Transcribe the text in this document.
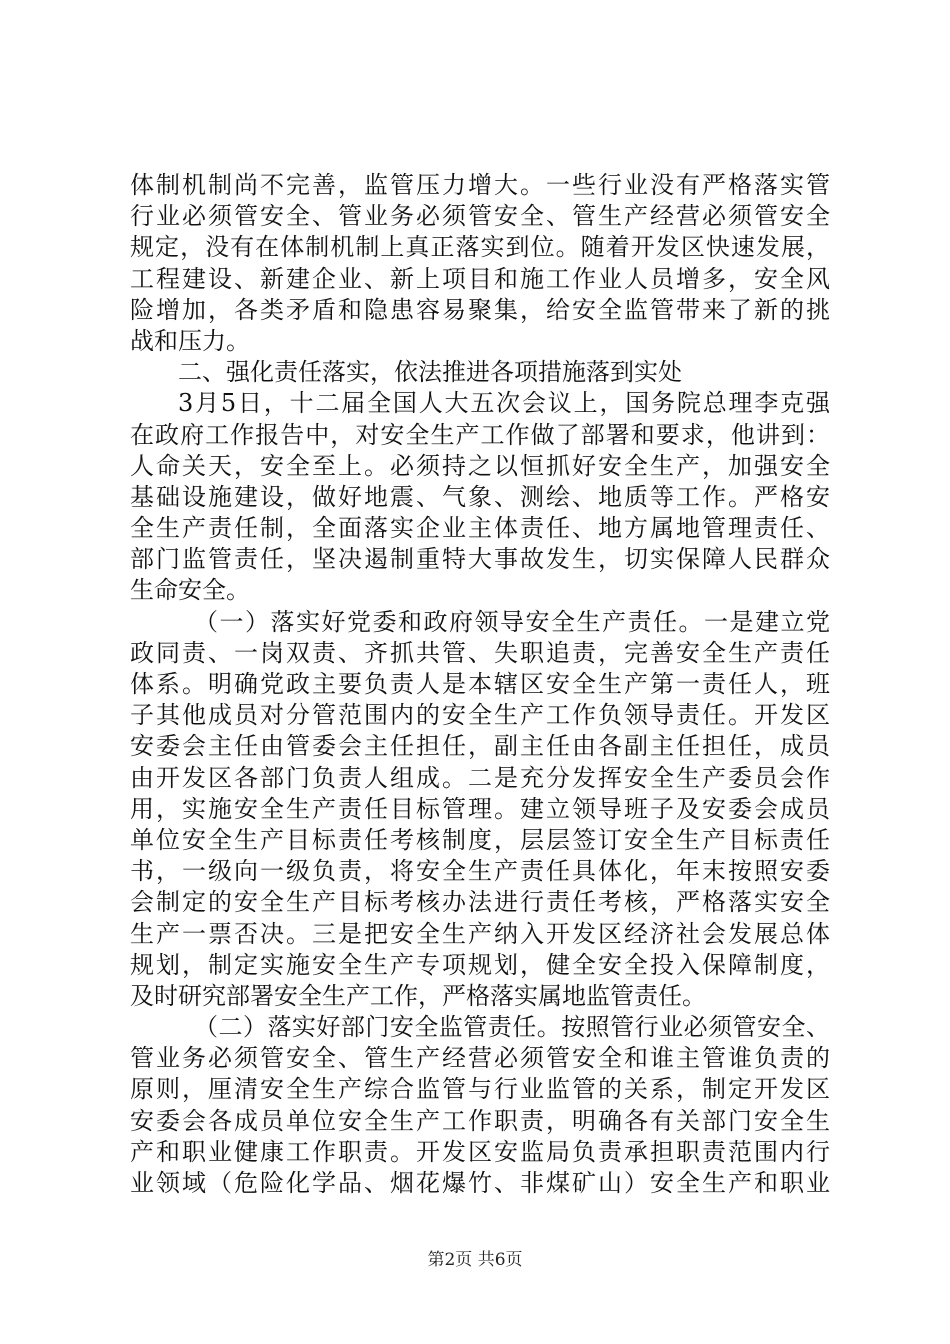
体制机制尚不完善，监管压力增大。一些行业没有严格落实管
行业必须管安全、管业务必须管安全、管生产经营必须管安全
规定，没有在体制机制上真正落实到位。随着开发区快速发展，
工程建设、新建企业、新上项目和施工作业人员增多，安全风
险增加，各类矛盾和隐患容易聚集，给安全监管带来了新的挑
战和压力。
二、强化责任落实，依法推进各项措施落到实处
3月5日，十二届全国人大五次会议上，国务院总理李克强
在政府工作报告中，对安全生产工作做了部署和要求，他讲到：
人命关天，安全至上。必须持之以恒抓好安全生产，加强安全
基础设施建设，做好地震、气象、测绘、地质等工作。严格安
全生产责任制，全面落实企业主体责任、地方属地管理责任、
部门监管责任，坚决遏制重特大事故发生，切实保障人民群众
生命安全。
（一）落实好党委和政府领导安全生产责任。一是建立党
政同责、一岗双责、齐抓共管、失职追责，完善安全生产责任
体系。明确党政主要负责人是本辖区安全生产第一责任人，班
子其他成员对分管范围内的安全生产工作负领导责任。开发区
安委会主任由管委会主任担任，副主任由各副主任担任，成员
由开发区各部门负责人组成。二是充分发挥安全生产委员会作
用，实施安全生产责任目标管理。建立领导班子及安委会成员
单位安全生产目标责任考核制度，层层签订安全生产目标责任
书，一级向一级负责，将安全生产责任具体化，年末按照安委
会制定的安全生产目标考核办法进行责任考核，严格落实安全
生产一票否决。三是把安全生产纳入开发区经济社会发展总体
规划，制定实施安全生产专项规划，健全安全投入保障制度，
及时研究部署安全生产工作，严格落实属地监管责任。
（二）落实好部门安全监管责任。按照管行业必须管安全、
管业务必须管安全、管生产经营必须管安全和谁主管谁负责的
原则，厘清安全生产综合监管与行业监管的关系，制定开发区
安委会各成员单位安全生产工作职责，明确各有关部门安全生
产和职业健康工作职责。开发区安监局负责承担职责范围内行
业领域（危险化学品、烟花爆竹、非煤矿山）安全生产和职业
第2页 共6页
